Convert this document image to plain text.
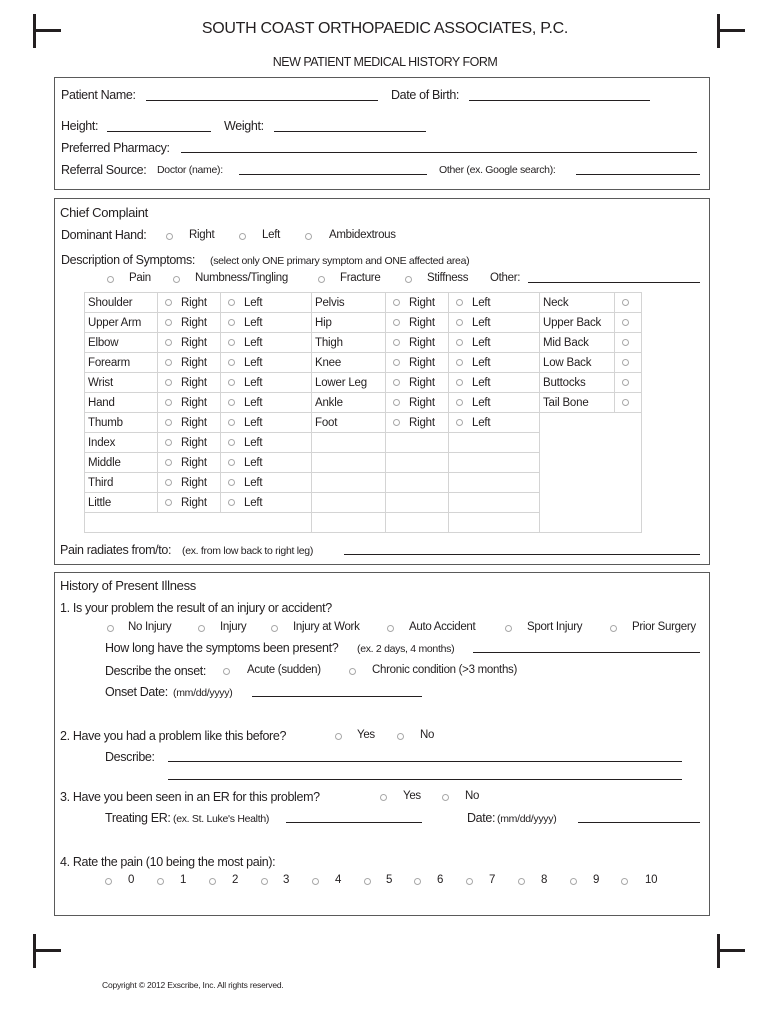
SOUTH COAST ORTHOPAEDIC ASSOCIATES, P.C.
NEW PATIENT MEDICAL HISTORY FORM
Patient Name:	Date of Birth:
Height:	Weight:
Preferred Pharmacy:
Referral Source: Doctor (name):	Other (ex. Google search):
Chief Complaint
Dominant Hand:	Right	Left	Ambidextrous
Description of Symptoms: (select only ONE primary symptom and ONE affected area)
Pain	Numbness/Tingling	Fracture	Stiffness Other:
Shoulder	Right	Left	Pelvis	Right	Left	Neck	

Upper Arm	Right	Left	Hip	Right	Left	Upper Back	

Elbow	Right	Left	Thigh	Right	Left	Mid Back	

Forearm	Right	Left	Knee	Right	Left	Low Back	

Wrist	Right	Left	Lower Leg	Right	Left	Buttocks	

Hand	Right	Left	Ankle	Right	Left	Tail Bone	

Thumb	Right	Left	Foot	Right	Left		
Index	Right	Left					
Middle	Right	Left					
Third	Right	Left					
Little	Right	Left					

Pain radiates from/to: (ex. from low back to right leg)
History of Present Illness
1. Is your problem the result of an injury or accident?
No Injury	Injury	Injury at Work	Auto Accident	Sport Injury	Prior Surgery
How long have the symptoms been present? (ex. 2 days, 4 months)
Describe the onset:	Acute (sudden)	Chronic condition (>3 months)
Onset Date: (mm/dd/yyyy)
2. Have you had a problem like this before?	Yes	No
Describe:
3. Have you been seen in an ER for this problem?	Yes	No
Treating ER: (ex. St. Luke's Health)	Date: (mm/dd/yyyy)
4. Rate the pain (10 being the most pain):
0	1	2	3	4	5	6	7	8	9	10
Copyright © 2012 Exscribe, Inc. All rights reserved.
